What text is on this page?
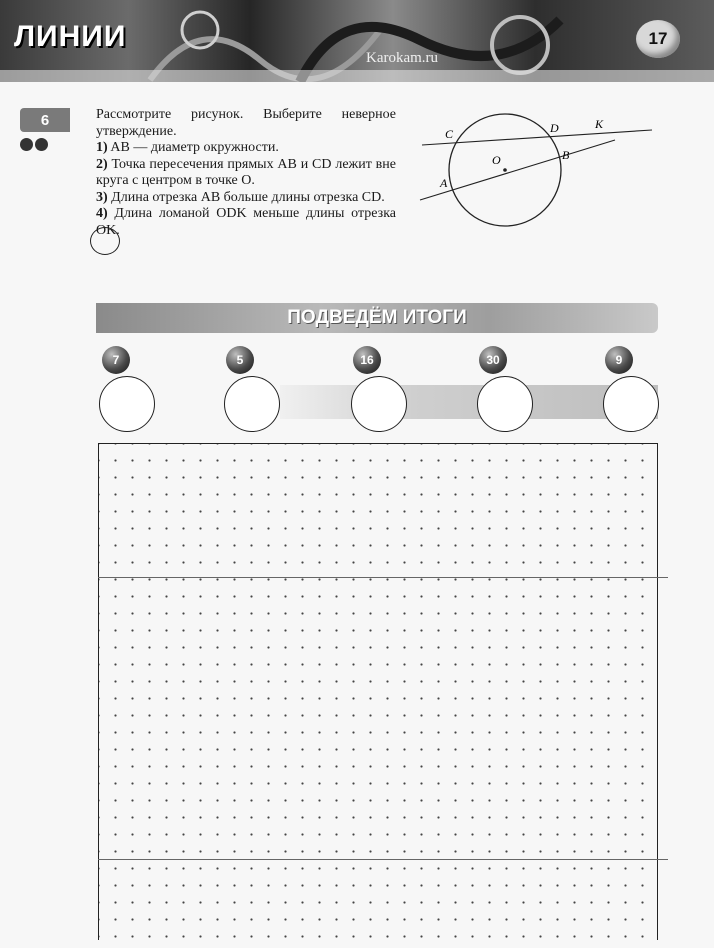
ЛИНИИ
Karokam.ru
17
6	Рассмотрите рисунок. Выберите неверное утверждение.

1) AB — диаметр окружности.

2) Точка пересечения прямых AB и CD лежит вне круга с центром в точке O.

3) Длина отрезка AB больше длины отрезка CD.

4) Длина ломаной ODK меньше длины отрезка OK.

C	D	K
O	B
A
ПОДВЕДЁМ ИТОГИ
7	5	16	30	9
